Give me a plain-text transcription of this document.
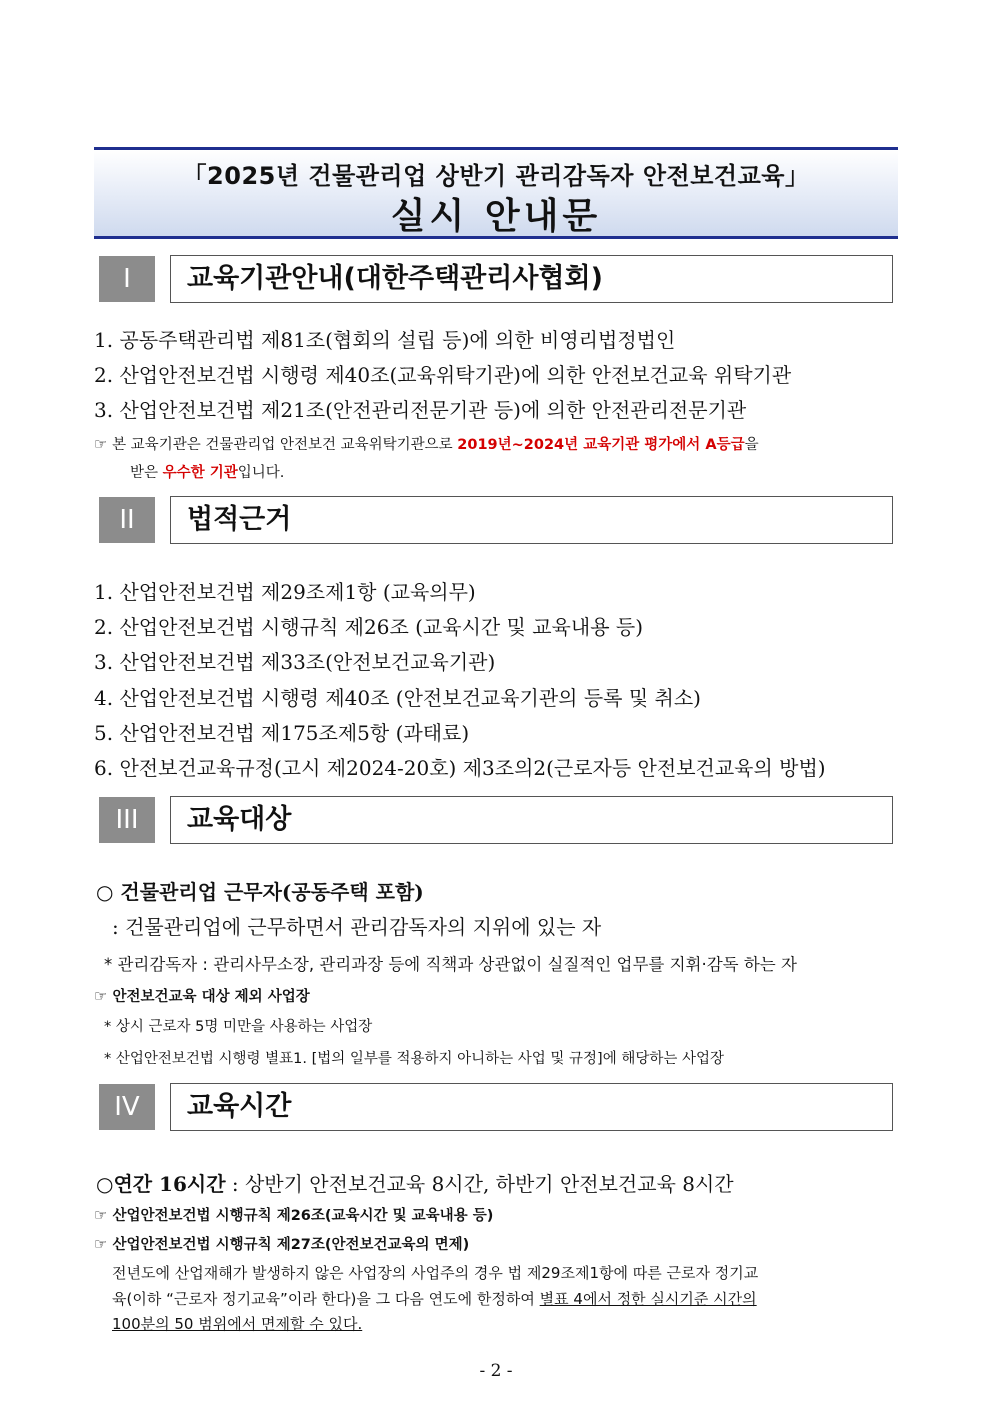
「2025년 건물관리업 상반기 관리감독자 안전보건교육」
실시 안내문
I	교육기관안내(대한주택관리사협회)
1. 공동주택관리법 제81조(협회의 설립 등)에 의한 비영리법정법인
2. 산업안전보건법 시행령 제40조(교육위탁기관)에 의한 안전보건교육 위탁기관
3. 산업안전보건법 제21조(안전관리전문기관 등)에 의한 안전관리전문기관
☞ 본 교육기관은 건물관리업 안전보건 교육위탁기관으로 2019년~2024년 교육기관 평가에서 A등급을
받은 우수한 기관입니다.
II	법적근거
1. 산업안전보건법 제29조제1항 (교육의무)
2. 산업안전보건법 시행규칙 제26조 (교육시간 및 교육내용 등)
3. 산업안전보건법 제33조(안전보건교육기관)
4. 산업안전보건법 시행령 제40조 (안전보건교육기관의 등록 및 취소)
5. 산업안전보건법 제175조제5항 (과태료)
6. 안전보건교육규정(고시 제2024-20호) 제3조의2(근로자등 안전보건교육의 방법)
III	교육대상
○ 건물관리업 근무자(공동주택 포함)
: 건물관리업에 근무하면서 관리감독자의 지위에 있는 자
* 관리감독자 : 관리사무소장, 관리과장 등에 직책과 상관없이 실질적인 업무를 지휘·감독 하는 자
☞ 안전보건교육 대상 제외 사업장
* 상시 근로자 5명 미만을 사용하는 사업장
* 산업안전보건법 시행령 별표1. [법의 일부를 적용하지 아니하는 사업 및 규정]에 해당하는 사업장
IV	교육시간
○연간 16시간 : 상반기 안전보건교육 8시간, 하반기 안전보건교육 8시간
☞ 산업안전보건법 시행규칙 제26조(교육시간 및 교육내용 등)
☞ 산업안전보건법 시행규칙 제27조(안전보건교육의 면제)
전년도에 산업재해가 발생하지 않은 사업장의 사업주의 경우 법 제29조제1항에 따른 근로자 정기교
육(이하 “근로자 정기교육”이라 한다)을 그 다음 연도에 한정하여 별표 4에서 정한 실시기준 시간의
100분의 50 범위에서 면제할 수 있다.
- 2 -
